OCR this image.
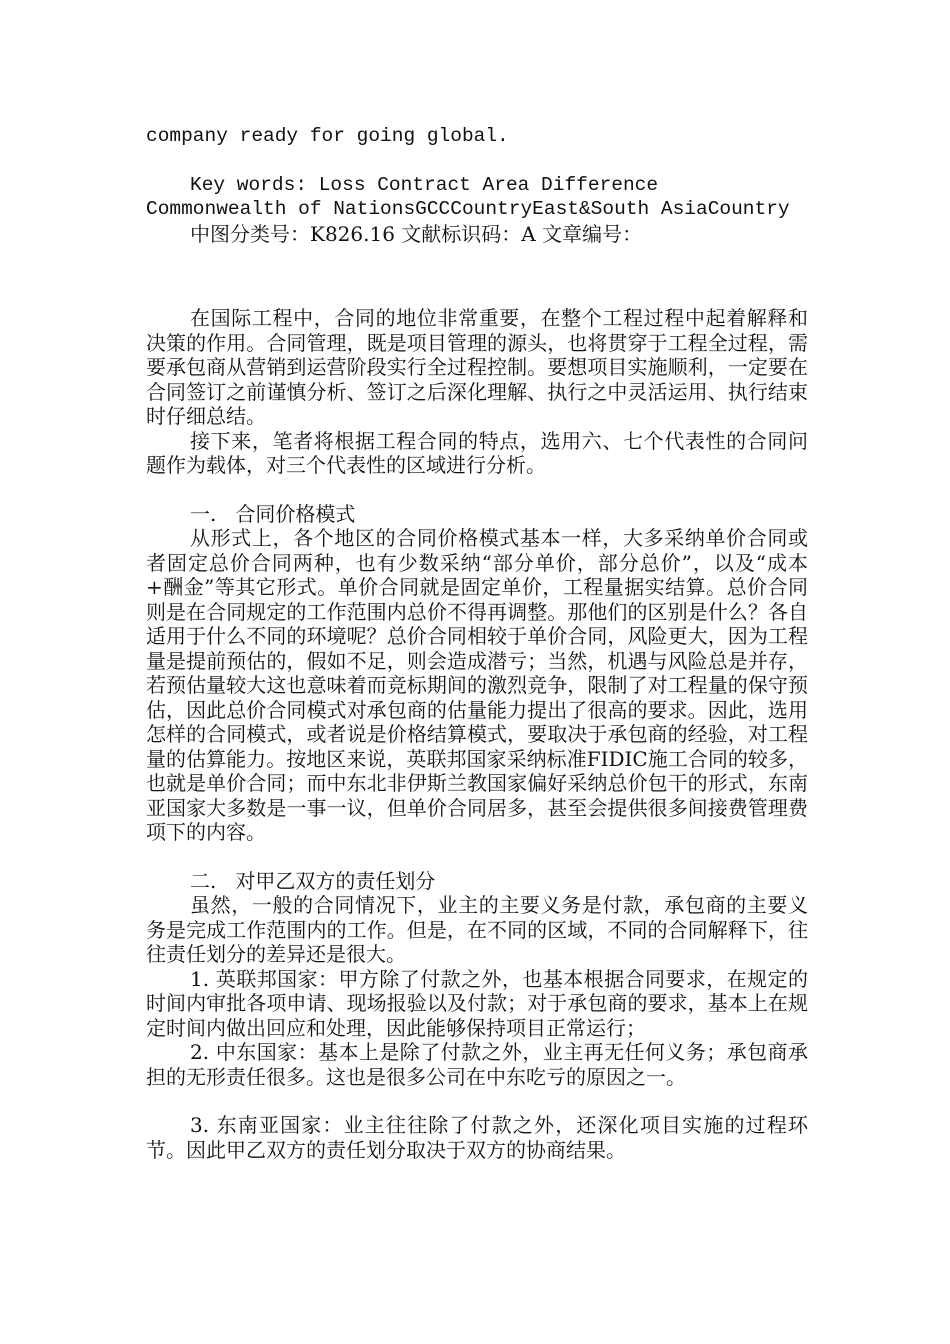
company ready for going global.

Key words: Loss Contract Area Difference Commonwealth of NationsGCCCountryEast&South AsiaCountry

中图分类号：K826.16 文献标识码：A 文章编号：

在国际工程中，合同的地位非常重要，在整个工程过程中起着解释和决策的作用。合同管理，既是项目管理的源头，也将贯穿于工程全过程，需要承包商从营销到运营阶段实行全过程控制。要想项目实施顺利，一定要在合同签订之前谨慎分析、签订之后深化理解、执行之中灵活运用、执行结束时仔细总结。

接下来，笔者将根据工程合同的特点，选用六、七个代表性的合同问题作为载体，对三个代表性的区域进行分析。

一.   合同价格模式

从形式上，各个地区的合同价格模式基本一样，大多采纳单价合同或者固定总价合同两种，也有少数采纳“部分单价，部分总价”，以及“成本+酬金”等其它形式。单价合同就是固定单价，工程量据实结算。总价合同则是在合同规定的工作范围内总价不得再调整。那他们的区别是什么？各自适用于什么不同的环境呢？总价合同相较于单价合同，风险更大，因为工程量是提前预估的，假如不足，则会造成潜亏；当然，机遇与风险总是并存，若预估量较大这也意味着而竞标期间的激烈竞争，限制了对工程量的保守预估，因此总价合同模式对承包商的估量能力提出了很高的要求。因此，选用怎样的合同模式，或者说是价格结算模式，要取决于承包商的经验，对工程量的估算能力。按地区来说，英联邦国家采纳标准FIDIC施工合同的较多，也就是单价合同；而中东北非伊斯兰教国家偏好采纳总价包干的形式，东南亚国家大多数是一事一议，但单价合同居多，甚至会提供很多间接费管理费项下的内容。

二.   对甲乙双方的责任划分

虽然，一般的合同情况下，业主的主要义务是付款，承包商的主要义务是完成工作范围内的工作。但是，在不同的区域，不同的合同解释下，往往责任划分的差异还是很大。

1. 英联邦国家：甲方除了付款之外，也基本根据合同要求，在规定的时间内审批各项申请、现场报验以及付款；对于承包商的要求，基本上在规定时间内做出回应和处理，因此能够保持项目正常运行；

2. 中东国家：基本上是除了付款之外，业主再无任何义务；承包商承担的无形责任很多。这也是很多公司在中东吃亏的原因之一。

3. 东南亚国家：业主往往除了付款之外，还深化项目实施的过程环节。因此甲乙双方的责任划分取决于双方的协商结果。
